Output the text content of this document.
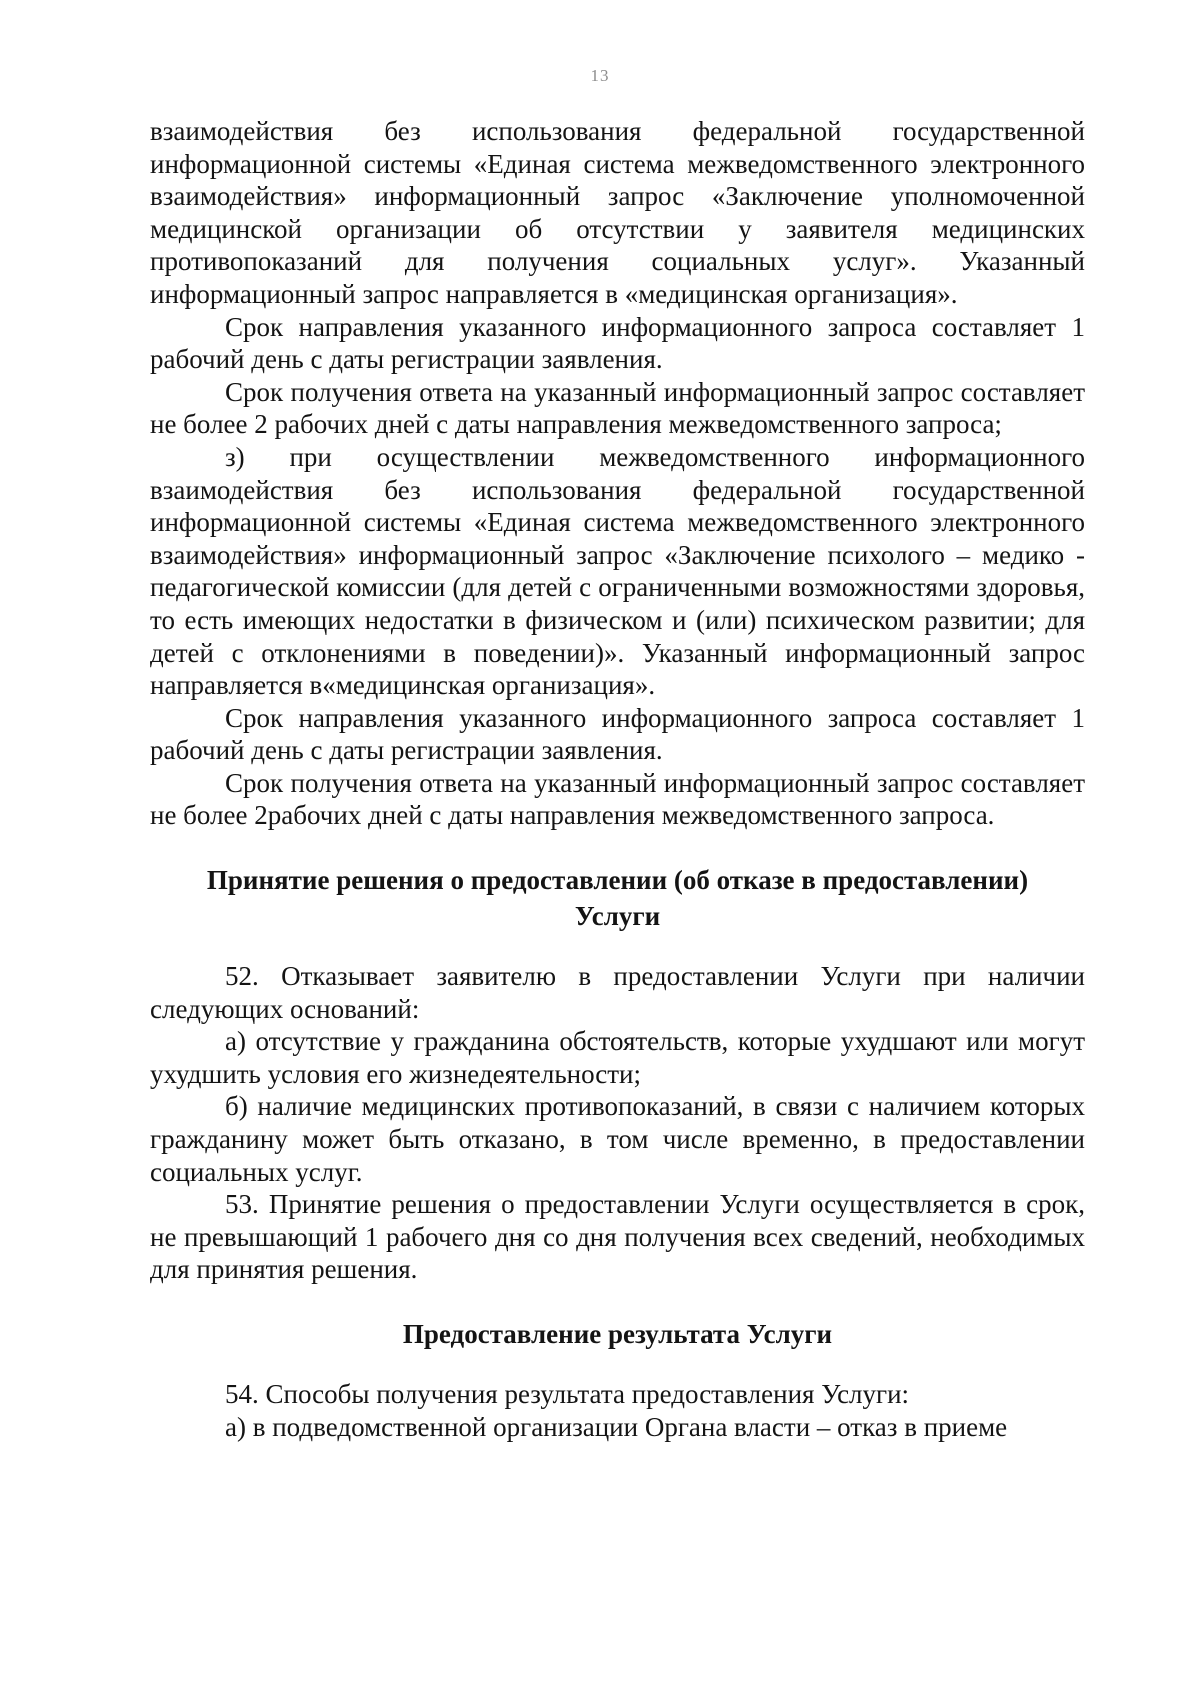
13

взаимодействия без использования федеральной государственной информационной системы «Единая система межведомственного электронного взаимодействия» информационный запрос «Заключение уполномоченной медицинской организации об отсутствии у заявителя медицинских противопоказаний для получения социальных услуг». Указанный информационный запрос направляется в «медицинская организация».

Срок направления указанного информационного запроса составляет 1 рабочий день с даты регистрации заявления.

Срок получения ответа на указанный информационный запрос составляет не более 2 рабочих дней с даты направления межведомственного запроса;

з) при осуществлении межведомственного информационного взаимодействия без использования федеральной государственной информационной системы «Единая система межведомственного электронного взаимодействия» информационный запрос «Заключение психолого – медико - педагогической комиссии (для детей с ограниченными возможностями здоровья, то есть имеющих недостатки в физическом и (или) психическом развитии; для детей с отклонениями в поведении)». Указанный информационный запрос направляется в«медицинская организация».

Срок направления указанного информационного запроса составляет 1 рабочий день с даты регистрации заявления.

Срок получения ответа на указанный информационный запрос составляет не более 2рабочих дней с даты направления межведомственного запроса.

Принятие решения о предоставлении (об отказе в предоставлении)

Услуги

52. Отказывает заявителю в предоставлении Услуги при наличии следующих оснований:

а) отсутствие у гражданина обстоятельств, которые ухудшают или могут ухудшить условия его жизнедеятельности;

б) наличие медицинских противопоказаний, в связи с наличием которых гражданину может быть отказано, в том числе временно, в предоставлении социальных услуг.

53. Принятие решения о предоставлении Услуги осуществляется в срок, не превышающий 1 рабочего дня со дня получения всех сведений, необходимых для принятия решения.

Предоставление результата Услуги

54. Способы получения результата предоставления Услуги:

а) в подведомственной организации Органа власти – отказ в приеме
